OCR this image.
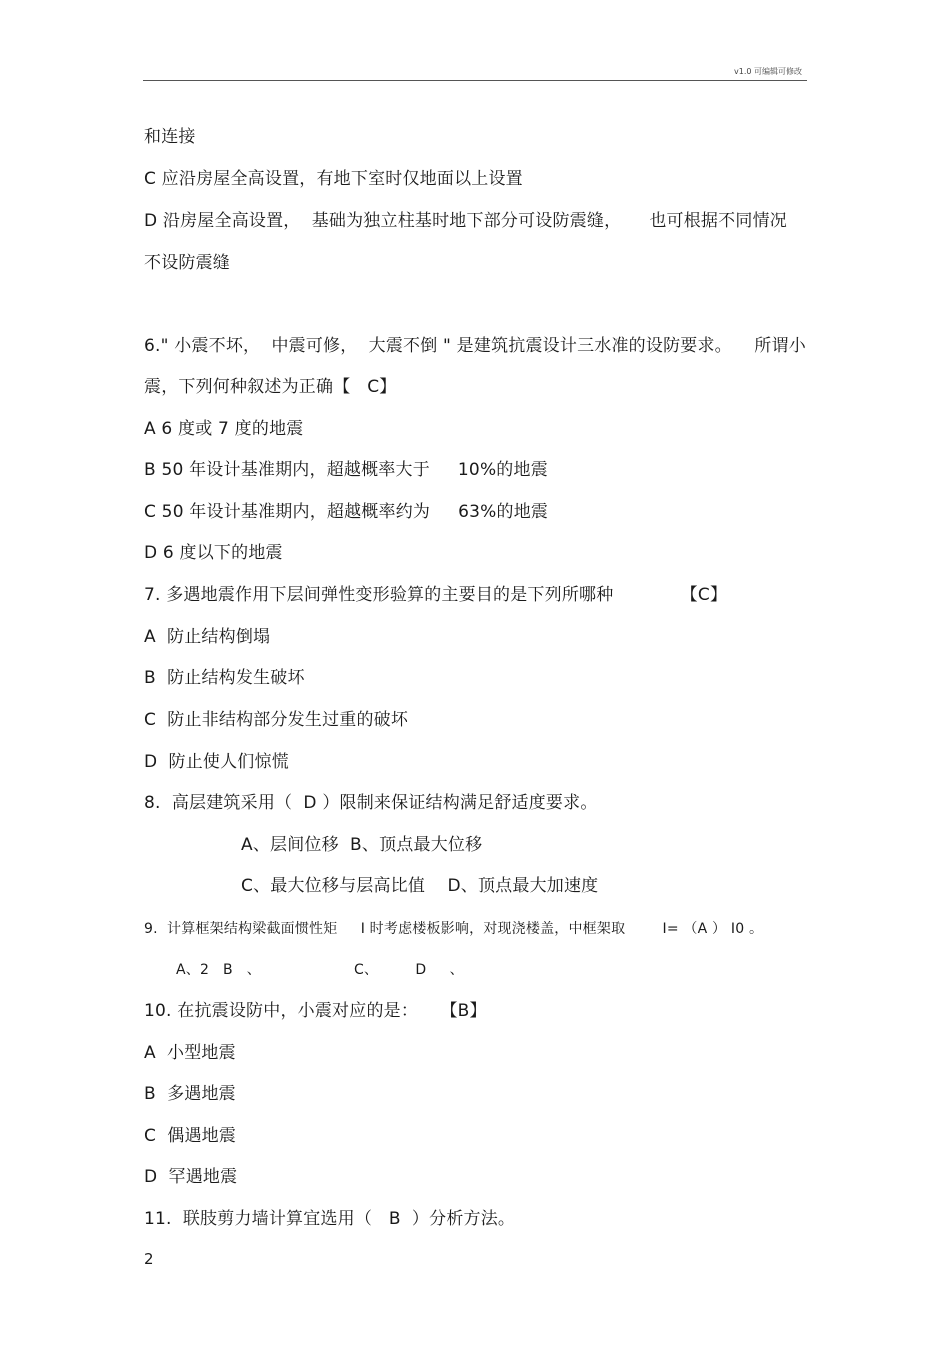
v1.0 可编辑可修改
和连接
C 应沿房屋全高设置，有地下室时仅地面以上设置
D 沿房屋全高设置，  基础为独立柱基时地下部分可设防震缝，     也可根据不同情况
不设防震缝
6." 小震不坏，  中震可修，  大震不倒 " 是建筑抗震设计三水准的设防要求。    所谓小
震，下列何种叙述为正确【   C】
A 6 度或 7 度的地震
B 50 年设计基准期内，超越概率大于     10%的地震
C 50 年设计基准期内，超越概率约为     63%的地震
D 6 度以下的地震
7. 多遇地震作用下层间弹性变形验算的主要目的是下列所哪种            【C】
A  防止结构倒塌
B  防止结构发生破坏
C  防止非结构部分发生过重的破坏
D  防止使人们惊慌
8.  高层建筑采用（  D ）限制来保证结构满足舒适度要求。
A、层间位移  B、顶点最大位移
C、最大位移与层高比值    D、顶点最大加速度
9.  计算框架结构梁截面惯性矩     I 时考虑楼板影响，对现浇楼盖，中框架取        I= （A ） I0 。
A、2   B   、                    C、        D     、
10. 在抗震设防中，小震对应的是：    【B】
A  小型地震
B  多遇地震
C  偶遇地震
D  罕遇地震
11.  联肢剪力墙计算宜选用（   B  ）分析方法。
2
